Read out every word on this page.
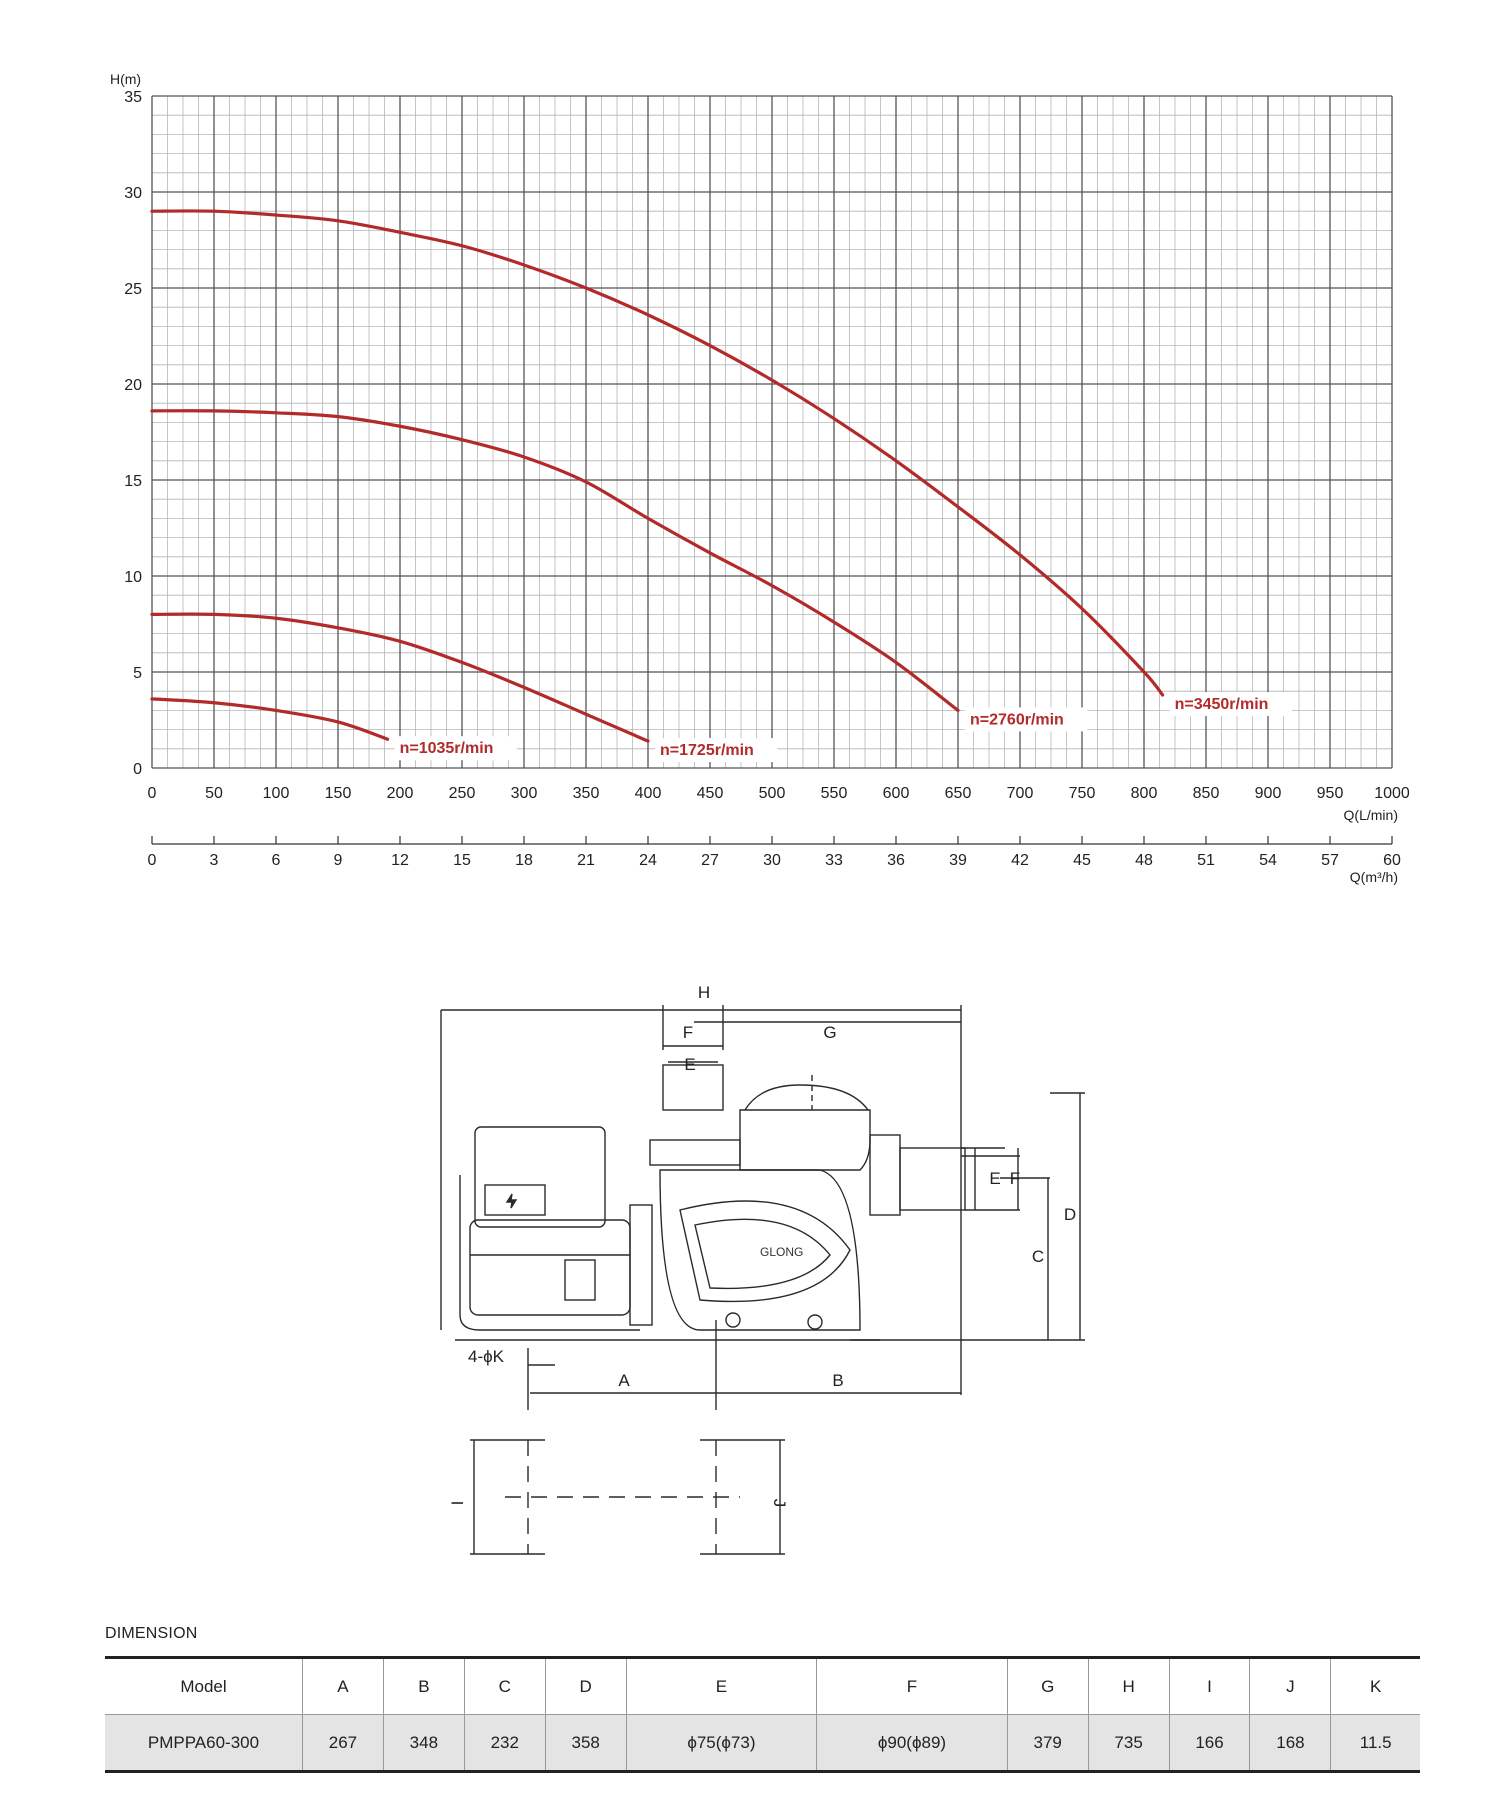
0
5
10
15
20
25
30
35
0	50 100 150 200 250 300 350 400 450 500 550 600 650 700 750 800 850 900 950 1000
0	3	6	9	12	15	18	21	24	27	30	33	36	39	42	45	48	51	54	57	60
n=1035r/min	n=1725r/min
n=2760r/min
n=3450r/min
H(m)
Q(L/min)
Q(m³/h)
GLONG
H
F	G
E
E F
D
C
4-ϕK
A	B
I	J
DIMENSION
Model	A	B	C	D	E	F	G	H	I	J	K
PMPPA60-300	267	348	232	358	ϕ75(ϕ73)	ϕ90(ϕ89)	379	735	166	168	11.5
